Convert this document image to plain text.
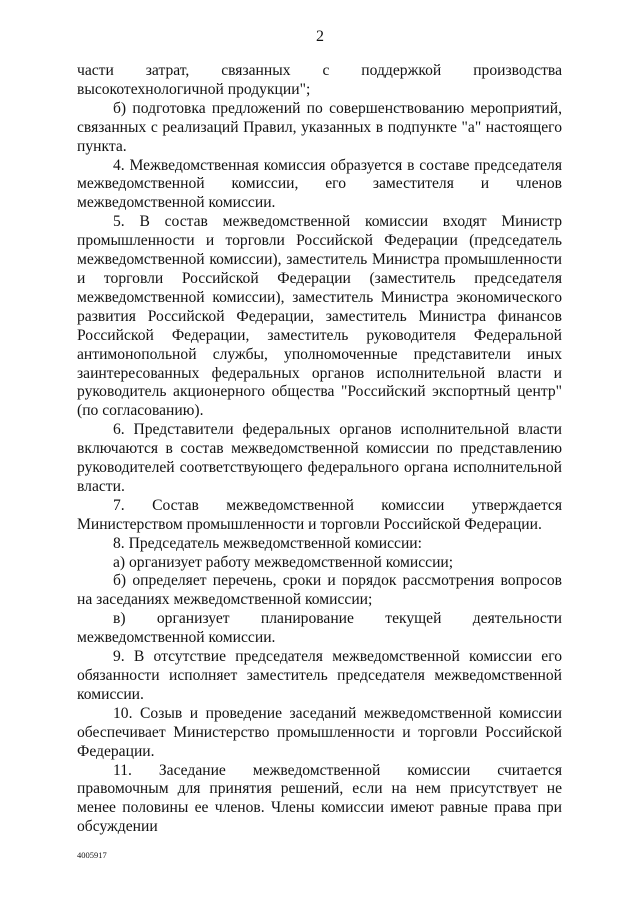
2

части затрат, связанных с поддержкой производства высокотехнологичной продукции";

б) подготовка предложений по совершенствованию мероприятий, связанных с реализаций Правил, указанных в подпункте "а" настоящего пункта.

4. Межведомственная комиссия образуется в составе председателя межведомственной комиссии, его заместителя и членов межведомственной комиссии.

5. В состав межведомственной комиссии входят Министр промышленности и торговли Российской Федерации (председатель межведомственной комиссии), заместитель Министра промышленности и торговли Российской Федерации (заместитель председателя межведомственной комиссии), заместитель Министра экономического развития Российской Федерации, заместитель Министра финансов Российской Федерации, заместитель руководителя Федеральной антимонопольной службы, уполномоченные представители иных заинтересованных федеральных органов исполнительной власти и руководитель акционерного общества "Российский экспортный центр" (по согласованию).

6. Представители федеральных органов исполнительной власти включаются в состав межведомственной комиссии по представлению руководителей соответствующего федерального органа исполнительной власти.

7. Состав межведомственной комиссии утверждается Министерством промышленности и торговли Российской Федерации.

8. Председатель межведомственной комиссии:

а) организует работу межведомственной комиссии;

б) определяет перечень, сроки и порядок рассмотрения вопросов на заседаниях межведомственной комиссии;

в) организует планирование текущей деятельности межведомственной комиссии.

9. В отсутствие председателя межведомственной комиссии его обязанности исполняет заместитель председателя межведомственной комиссии.

10. Созыв и проведение заседаний межведомственной комиссии обеспечивает Министерство промышленности и торговли Российской Федерации.

11. Заседание межведомственной комиссии считается правомочным для принятия решений, если на нем присутствует не менее половины ее членов. Члены комиссии имеют равные права при обсуждении

4005917
